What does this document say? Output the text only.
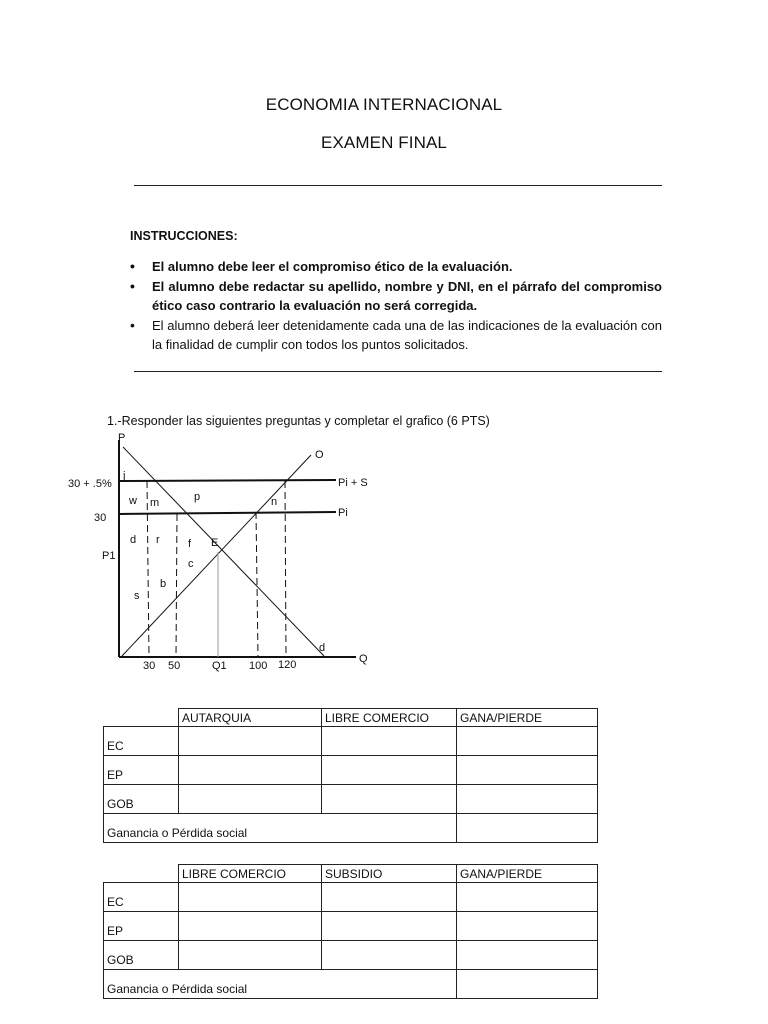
ECONOMIA INTERNACIONAL
EXAMEN FINAL
INSTRUCCIONES:
• El alumno debe leer el compromiso ético de la evaluación.
• El alumno debe redactar su apellido, nombre y DNI, en el párrafo del compromiso ético caso contrario la evaluación no será corregida.
• El alumno deberá leer detenidamente cada una de las indicaciones de la evaluación con la finalidad de cumplir con todos los puntos solicitados.
1.-Responder las siguientes preguntas y completar el grafico (6 PTS)
P
Q
O
d
Pi + S
Pi
30 + .5%
30
P1
30 50	Q1 100 120
E
j
w m	p	n
d r	f
c
b
s
	AUTARQUIA	LIBRE COMERCIO	GANA/PIERDE
EC			
EP			
GOB			
Ganancia o Pérdida social			
	LIBRE COMERCIO	SUBSIDIO	GANA/PIERDE
EC			
EP			
GOB			
Ganancia o Pérdida social			
